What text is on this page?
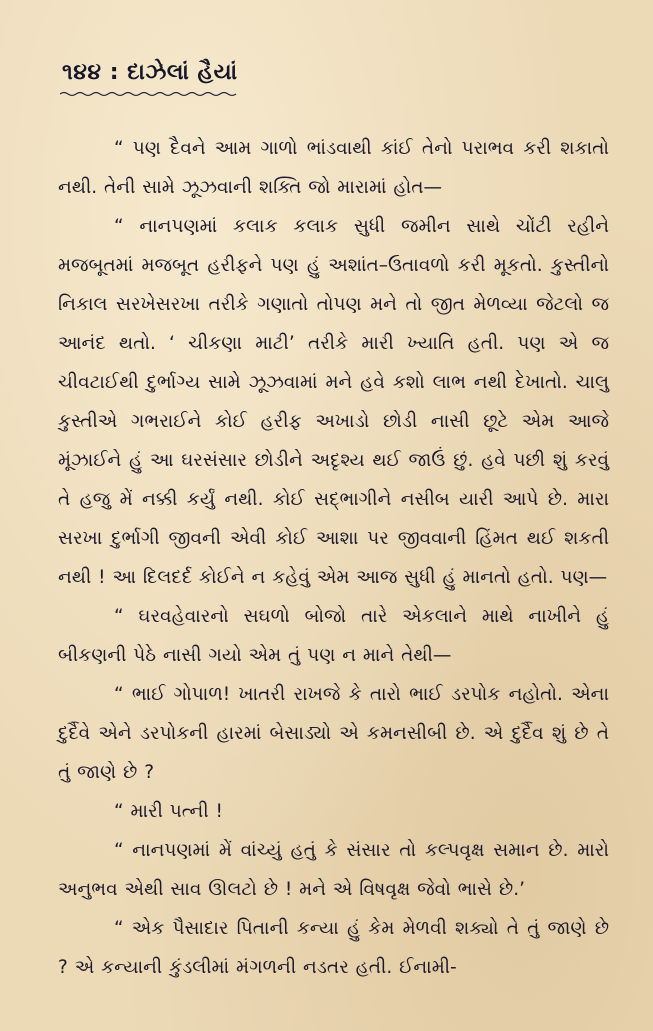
૧૪૪ : દાઝેલાં હૈયાં

“ પણ દૈવને આમ ગાળો ભાંડવાથી કાંઈ તેનો પરાભવ કરી શકાતો નથી. તેની સામે ઝૂઝવાની શક્તિ જો મારામાં હોત—

“ નાનપણમાં કલાક કલાક સુધી જમીન સાથે ચોંટી રહીને મજબૂતમાં મજબૂત હરીફને પણ હું અશાંત–ઉતાવળો કરી મૂકતો. કુસ્તીનો નિકાલ સરખેસરખા તરીકે ગણાતો તોપણ મને તો જીત મેળવ્યા જેટલો જ આનંદ થતો. ‘ ચીકણા માટી’ તરીકે મારી ખ્યાતિ હતી. પણ એ જ ચીવટાઈથી દુર્ભાગ્ય સામે ઝૂઝવામાં મને હવે કશો લાભ નથી દેખાતો. ચાલુ કુસ્તીએ ગભરાઈને કોઈ હરીફ અખાડો છોડી નાસી છૂટે એમ આજે મૂંઝાઈને હું આ ઘરસંસાર છોડીને અદૃશ્ય થઈ જાઉં છું. હવે પછી શું કરવું તે હજુ મેં નક્કી કર્યું નથી. કોઈ સદ્‌ભાગીને નસીબ યારી આપે છે. મારા સરખા દુર્ભાગી જીવની એવી કોઈ આશા પર જીવવાની હિંમત થઈ શકતી નથી ! આ દિલદર્દ કોઈને ન કહેવું એમ આજ સુધી હું માનતો હતો. પણ—

“ ઘરવહેવારનો સઘળો બોજો તારે એકલાને માથે નાખીને હું બીકણની પેઠે નાસી ગયો એમ તું પણ ન માને તેથી—

“ ભાઈ ગોપાળ! ખાતરી રાખજે કે તારો ભાઈ ડરપોક નહોતો. એના દુર્દૈવે એને ડરપોકની હારમાં બેસાડ્યો એ કમનસીબી છે. એ દુર્દૈવ શું છે તે તું જાણે છે ?

“ મારી પત્ની !

“ નાનપણમાં મેં વાંચ્યું હતું કે સંસાર તો કલ્પવૃક્ષ સમાન છે. મારો અનુભવ એથી સાવ ઊલટો છે ! મને એ વિષવૃક્ષ જેવો ભાસે છે.’

“ એક પૈસાદાર પિતાની કન્યા હું કેમ મેળવી શક્યો તે તું જાણે છે ? એ કન્યાની કુંડલીમાં મંગળની નડતર હતી. ઈનામી-
